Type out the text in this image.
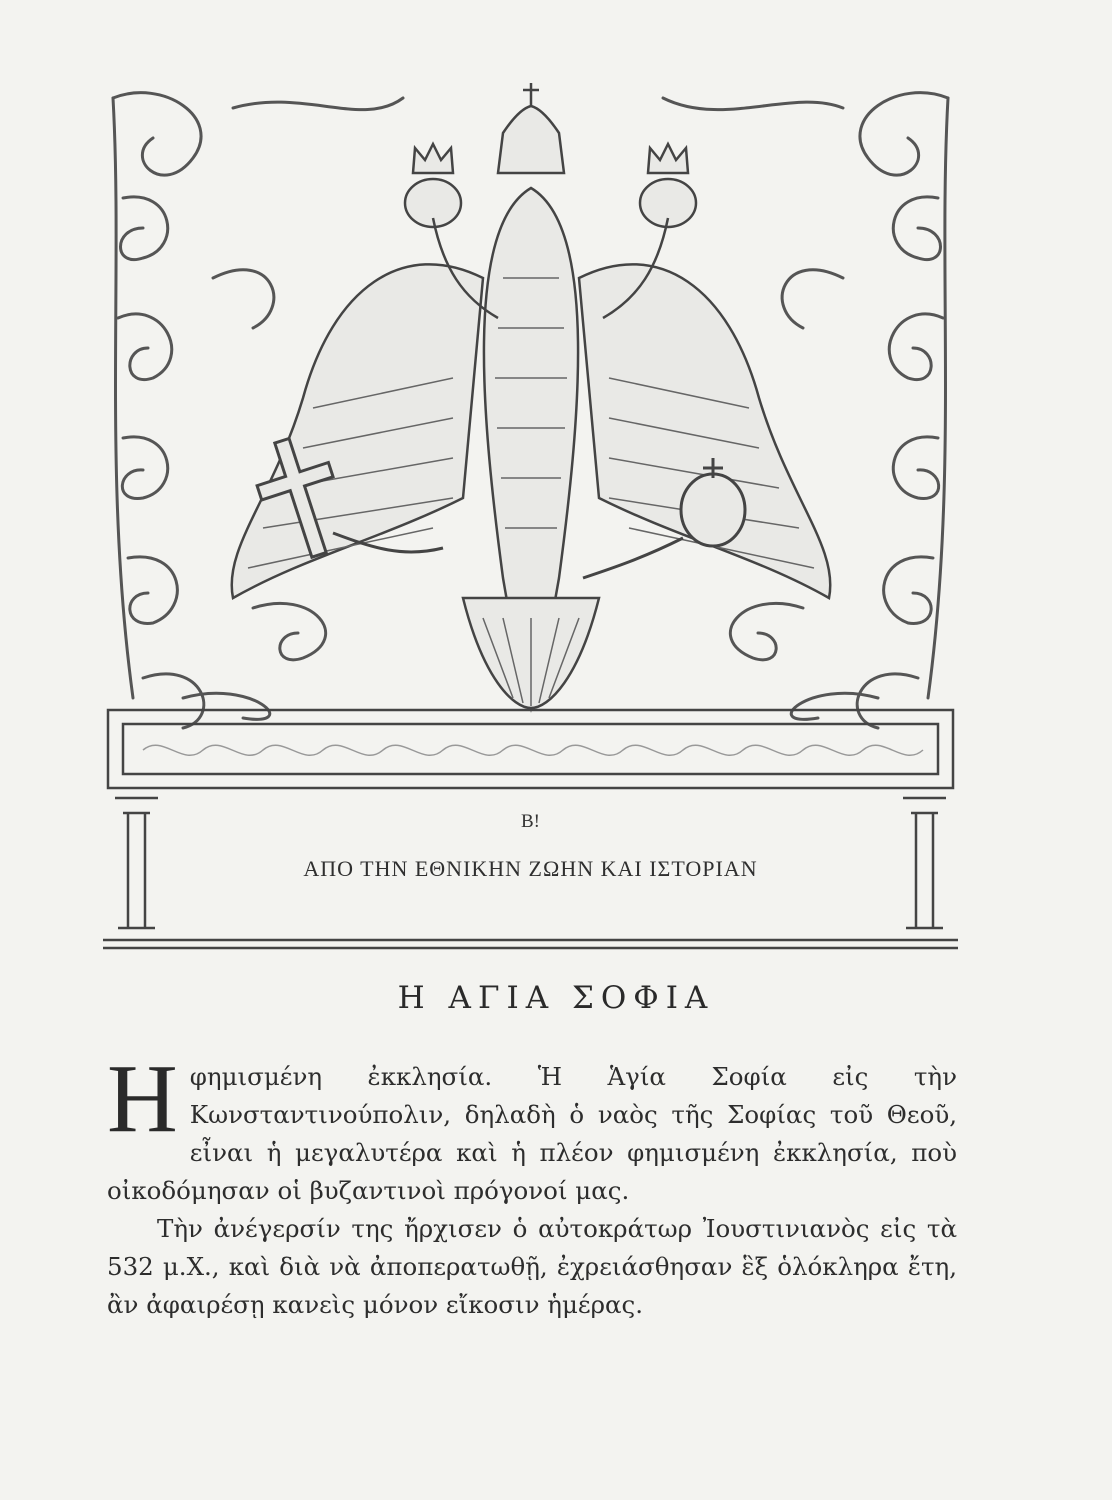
Β!
ΑΠΟ ΤΗΝ ΕΘΝΙΚΗΝ ΖΩΗΝ ΚΑΙ ΙΣΤΟΡΙΑΝ
Η ΑΓΙΑ ΣΟΦΙΑ
Η φημισμένη ἐκκλησία. Ἡ Ἁγία Σοφία εἰς τὴν Κωνσταντινούπολιν, δηλαδὴ ὁ ναὸς τῆς Σοφίας τοῦ Θεοῦ, εἶναι ἡ μεγαλυτέρα καὶ ἡ πλέον φημισμένη ἐκκλησία, ποὺ οἰκοδόμησαν οἱ βυζαντινοὶ πρόγονοί μας.

Τὴν ἀνέγερσίν της ἤρχισεν ὁ αὐτοκράτωρ Ἰουστινιανὸς εἰς τὰ 532 μ.Χ., καὶ διὰ νὰ ἀποπερατωθῇ, ἐχρειάσθησαν ἓξ ὁλόκληρα ἔτη, ἂν ἀφαιρέσῃ κανεὶς μόνον εἴκοσιν ἡμέρας.
